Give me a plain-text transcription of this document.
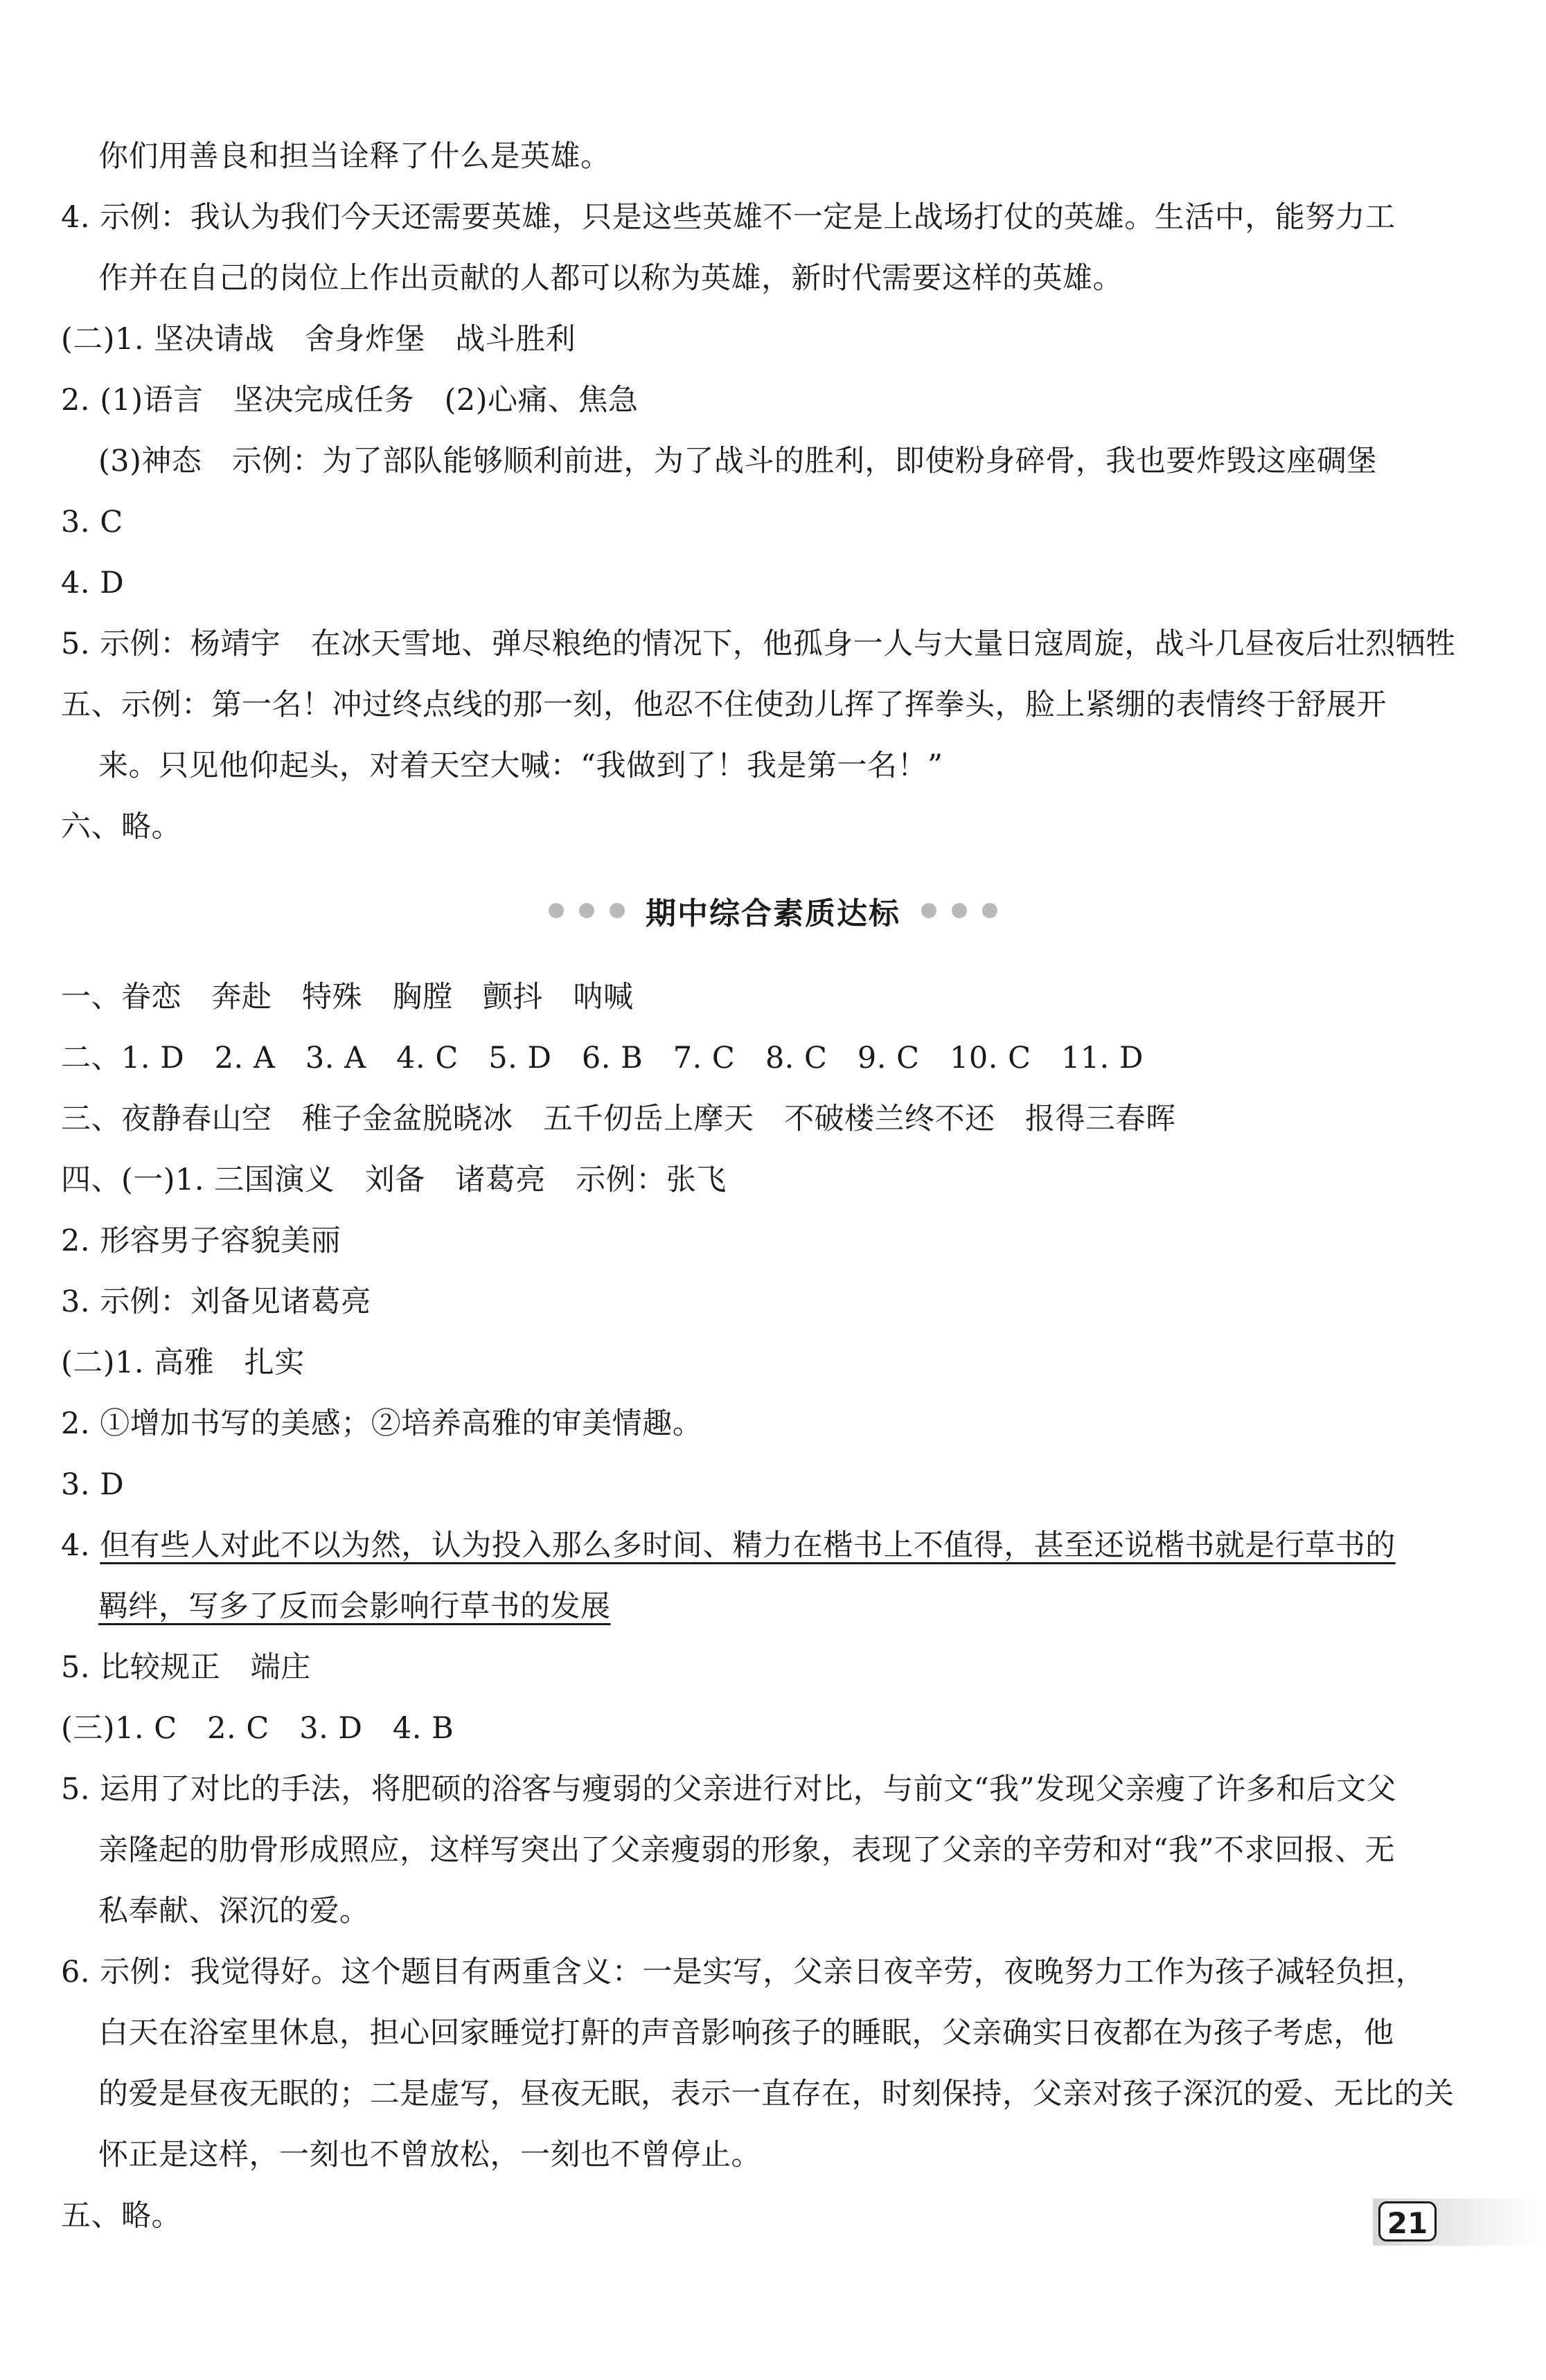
你们用善良和担当诠释了什么是英雄。
4. 示例：我认为我们今天还需要英雄，只是这些英雄不一定是上战场打仗的英雄。生活中，能努力工
作并在自己的岗位上作出贡献的人都可以称为英雄，新时代需要这样的英雄。
(二)1. 坚决请战　舍身炸堡　战斗胜利
2. (1)语言　坚决完成任务　(2)心痛、焦急
(3)神态　示例：为了部队能够顺利前进，为了战斗的胜利，即使粉身碎骨，我也要炸毁这座碉堡
3. C
4. D
5. 示例：杨靖宇　在冰天雪地、弹尽粮绝的情况下，他孤身一人与大量日寇周旋，战斗几昼夜后壮烈牺牲
五、示例：第一名！冲过终点线的那一刻，他忍不住使劲儿挥了挥拳头，脸上紧绷的表情终于舒展开
来。只见他仰起头，对着天空大喊：“我做到了！我是第一名！”
六、略。
期中综合素质达标
一、眷恋　奔赴　特殊　胸膛　颤抖　呐喊
二、1. D　2. A　3. A　4. C　5. D　6. B　7. C　8. C　9. C　10. C　11. D
三、夜静春山空　稚子金盆脱晓冰　五千仞岳上摩天　不破楼兰终不还　报得三春晖
四、(一)1. 三国演义　刘备　诸葛亮　示例：张飞
2. 形容男子容貌美丽
3. 示例：刘备见诸葛亮
(二)1. 高雅　扎实
2. ①增加书写的美感；②培养高雅的审美情趣。
3. D
4. 但有些人对此不以为然，认为投入那么多时间、精力在楷书上不值得，甚至还说楷书就是行草书的
羁绊，写多了反而会影响行草书的发展
5. 比较规正　端庄
(三)1. C　2. C　3. D　4. B
5. 运用了对比的手法，将肥硕的浴客与瘦弱的父亲进行对比，与前文“我”发现父亲瘦了许多和后文父
亲隆起的肋骨形成照应，这样写突出了父亲瘦弱的形象，表现了父亲的辛劳和对“我”不求回报、无
私奉献、深沉的爱。
6. 示例：我觉得好。这个题目有两重含义：一是实写，父亲日夜辛劳，夜晚努力工作为孩子减轻负担，
白天在浴室里休息，担心回家睡觉打鼾的声音影响孩子的睡眠，父亲确实日夜都在为孩子考虑，他
的爱是昼夜无眠的；二是虚写，昼夜无眠，表示一直存在，时刻保持，父亲对孩子深沉的爱、无比的关
怀正是这样，一刻也不曾放松，一刻也不曾停止。
五、略。	21
